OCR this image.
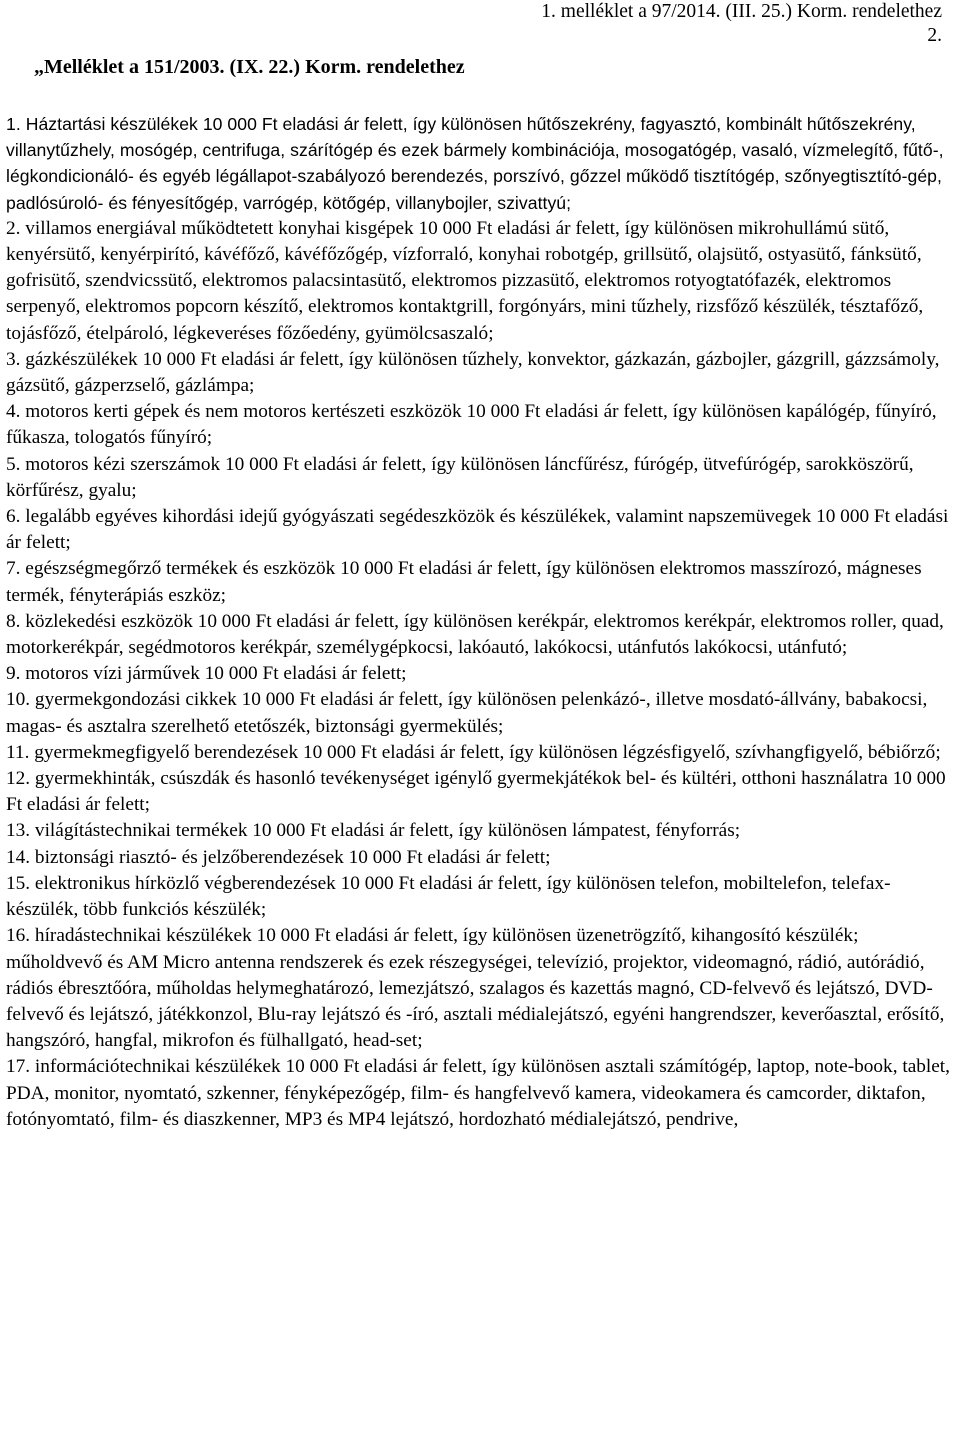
1. melléklet a 97/2014. (III. 25.) Korm. rendelethez
2.
„Melléklet a 151/2003. (IX. 22.) Korm. rendelethez

1. Háztartási készülékek 10 000 Ft eladási ár felett, így különösen hűtőszekrény, fagyasztó, kombinált hűtőszekrény, villanytűzhely, mosógép, centrifuga, szárítógép és ezek bármely kombinációja, mosogatógép, vasaló, vízmelegítő, fűtő-, légkondicionáló- és egyéb légállapot-szabályozó berendezés, porszívó, gőzzel működő tisztítógép, szőnyegtisztító-gép, padlósúroló- és fényesítőgép, varrógép, kötőgép, villanybojler, szivattyú;

2. villamos energiával működtetett konyhai kisgépek 10 000 Ft eladási ár felett, így különösen mikrohullámú sütő, kenyérsütő, kenyérpirító, kávéfőző, kávéfőzőgép, vízforraló, konyhai robotgép, grillsütő, olajsütő, ostyasütő, fánksütő, gofrisütő, szendvicssütő, elektromos palacsintasütő, elektromos pizzasütő, elektromos rotyogtatófazék, elektromos serpenyő, elektromos popcorn készítő, elektromos kontaktgrill, forgónyárs, mini tűzhely, rizsfőző készülék, tésztafőző, tojásfőző, ételpároló, légkeveréses főzőedény, gyümölcsaszaló;

3. gázkészülékek 10 000 Ft eladási ár felett, így különösen tűzhely, konvektor, gázkazán, gázbojler, gázgrill, gázzsámoly, gázsütő, gázperzselő, gázlámpa;

4. motoros kerti gépek és nem motoros kertészeti eszközök 10 000 Ft eladási ár felett, így különösen kapálógép, fűnyíró, fűkasza, tologatós fűnyíró;

5. motoros kézi szerszámok 10 000 Ft eladási ár felett, így különösen láncfűrész, fúrógép, ütvefúrógép, sarokköszörű, körfűrész, gyalu;

6. legalább egyéves kihordási idejű gyógyászati segédeszközök és készülékek, valamint napszemüvegek 10 000 Ft eladási ár felett;

7. egészségmegőrző termékek és eszközök 10 000 Ft eladási ár felett, így különösen elektromos masszírozó, mágneses termék, fényterápiás eszköz;

8. közlekedési eszközök 10 000 Ft eladási ár felett, így különösen kerékpár, elektromos kerékpár, elektromos roller, quad, motorkerékpár, segédmotoros kerékpár, személygépkocsi, lakóautó, lakókocsi, utánfutós lakókocsi, utánfutó;

9. motoros vízi járművek 10 000 Ft eladási ár felett;

10. gyermekgondozási cikkek 10 000 Ft eladási ár felett, így különösen pelenkázó-, illetve mosdató-állvány, babakocsi, magas- és asztalra szerelhető etetőszék, biztonsági gyermekülés;

11. gyermekmegfigyelő berendezések 10 000 Ft eladási ár felett, így különösen légzésfigyelő, szívhangfigyelő, bébiőrző;

12. gyermekhinták, csúszdák és hasonló tevékenységet igénylő gyermekjátékok bel- és kültéri, otthoni használatra 10 000 Ft eladási ár felett;

13. világítástechnikai termékek 10 000 Ft eladási ár felett, így különösen lámpatest, fényforrás;

14. biztonsági riasztó- és jelzőberendezések 10 000 Ft eladási ár felett;

15. elektronikus hírközlő végberendezések 10 000 Ft eladási ár felett, így különösen telefon, mobiltelefon, telefax- készülék, több funkciós készülék;

16. híradástechnikai készülékek 10 000 Ft eladási ár felett, így különösen üzenetrögzítő, kihangosító készülék; műholdvevő és AM Micro antenna rendszerek és ezek részegységei, televízió, projektor, videomagnó, rádió, autórádió, rádiós ébresztőóra, műholdas helymeghatározó, lemezjátszó, szalagos és kazettás magnó, CD-felvevő és lejátszó, DVD-felvevő és lejátszó, játékkonzol, Blu-ray lejátszó és -író, asztali médialejátszó, egyéni hangrendszer, keverőasztal, erősítő, hangszóró, hangfal, mikrofon és fülhallgató, head-set;

17. információtechnikai készülékek 10 000 Ft eladási ár felett, így különösen asztali számítógép, laptop, note-book, tablet, PDA, monitor, nyomtató, szkenner, fényképezőgép, film- és hangfelvevő kamera, videokamera és camcorder, diktafon, fotónyomtató, film- és diaszkenner, MP3 és MP4 lejátszó, hordozható médialejátszó, pendrive,
